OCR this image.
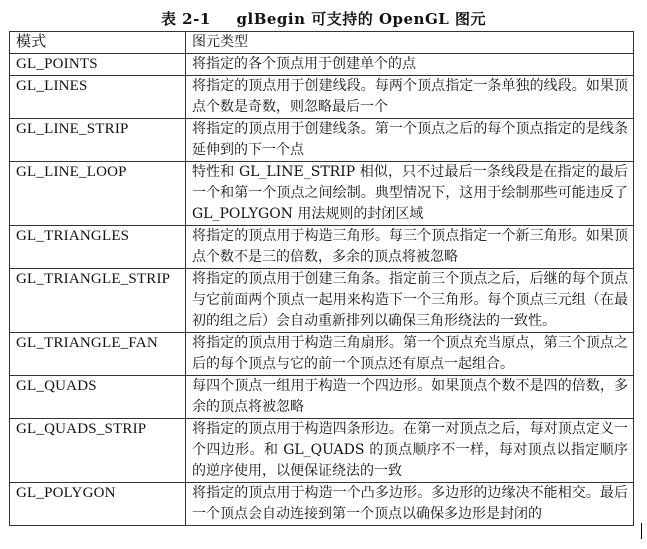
表 2-1 glBegin 可支持的 OpenGL 图元
模式	图元类型
GL_POINTS	将指定的各个顶点用于创建单个的点
GL_LINES	将指定的顶点用于创建线段。每两个顶点指定一条单独的线段。如果顶点个数是奇数，则忽略最后一个
GL_LINE_STRIP	将指定的顶点用于创建线条。第一个顶点之后的每个顶点指定的是线条延伸到的下一个点
GL_LINE_LOOP	特性和 GL_LINE_STRIP 相似，只不过最后一条线段是在指定的最后一个和第一个顶点之间绘制。典型情况下，这用于绘制那些可能违反了 GL_POLYGON 用法规则的封闭区域
GL_TRIANGLES	将指定的顶点用于构造三角形。每三个顶点指定一个新三角形。如果顶点个数不是三的倍数，多余的顶点将被忽略
GL_TRIANGLE_STRIP	将指定的顶点用于创建三角条。指定前三个顶点之后，后继的每个顶点与它前面两个顶点一起用来构造下一个三角形。每个顶点三元组（在最初的组之后）会自动重新排列以确保三角形绕法的一致性。
GL_TRIANGLE_FAN	将指定的顶点用于构造三角扇形。第一个顶点充当原点，第三个顶点之后的每个顶点与它的前一个顶点还有原点一起组合。
GL_QUADS	每四个顶点一组用于构造一个四边形。如果顶点个数不是四的倍数，多余的顶点将被忽略
GL_QUADS_STRIP	将指定的顶点用于构造四条形边。在第一对顶点之后，每对顶点定义一个四边形。和 GL_QUADS 的顶点顺序不一样，每对顶点以指定顺序的逆序使用，以便保证绕法的一致
GL_POLYGON	将指定的顶点用于构造一个凸多边形。多边形的边缘决不能相交。最后一个顶点会自动连接到第一个顶点以确保多边形是封闭的
